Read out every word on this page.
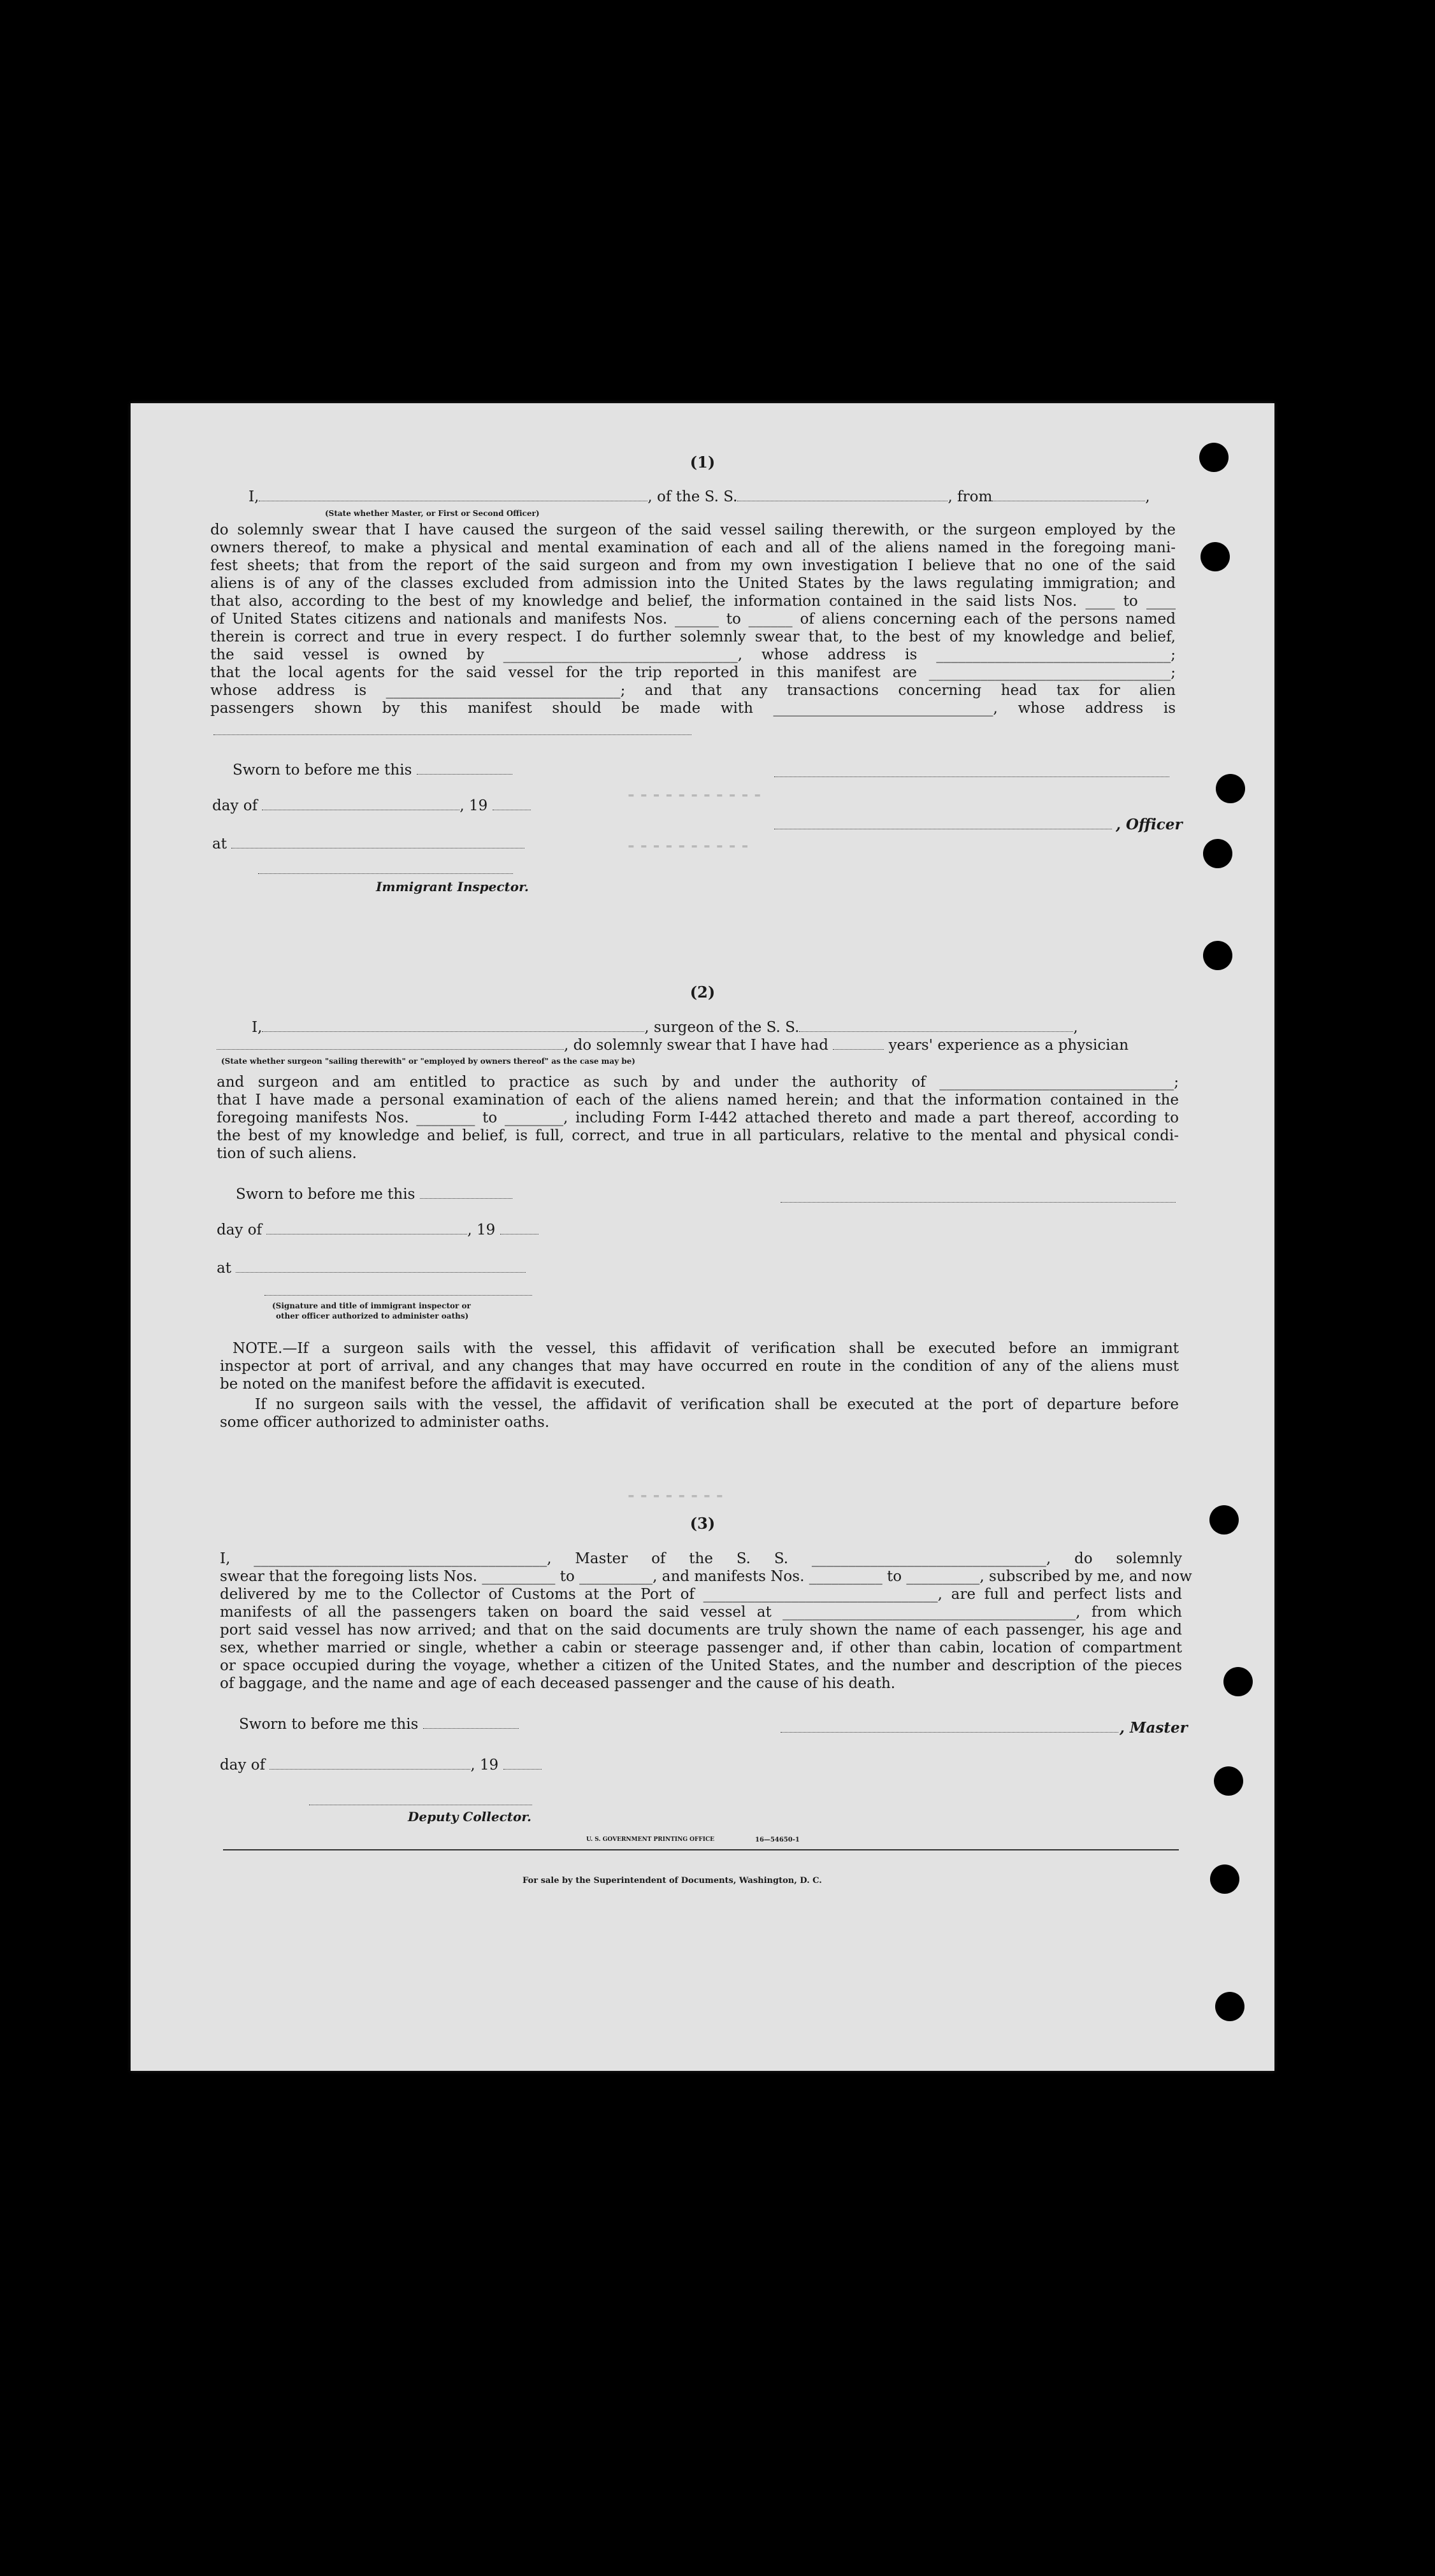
- - - - - - - - - - -
- - - - - - - - - -
- - - - - - - -
(1)
I,	, of the S. S.	, from	,
(State whether Master, or First or Second Officer)
do solemnly swear that I have caused the surgeon of the said vessel sailing therewith, or the surgeon employed by the
owners thereof, to make a physical and mental examination of each and all of the aliens named in the foregoing mani-
fest sheets; that from the report of the said surgeon and from my own investigation I believe that no one of the said
aliens is of any of the classes excluded from admission into the United States by the laws regulating immigration; and
that also, according to the best of my knowledge and belief, the information contained in the said lists Nos. ____ to ____
of United States citizens and nationals and manifests Nos. ______ to ______ of aliens concerning each of the persons named
therein is correct and true in every respect. I do further solemnly swear that, to the best of my knowledge and belief,
the said vessel is owned by ________________________________, whose address is ________________________________;
that the local agents for the said vessel for the trip reported in this manifest are _________________________________;
whose address is ________________________________; and that any transactions concerning head tax for alien
passengers shown by this manifest should be made with ______________________________, whose address is
Sworn to before me this
day of	, 19
, Officer
at
Immigrant Inspector.
(2)
I,	, surgeon of the S. S.	,
, do solemnly swear that I have had	years' experience as a physician
(State whether surgeon "sailing therewith" or "employed by owners thereof" as the case may be)
and surgeon and am entitled to practice as such by and under the authority of ________________________________;
that I have made a personal examination of each of the aliens named herein; and that the information contained in the
foregoing manifests Nos. ________ to ________, including Form I-442 attached thereto and made a part thereof, according to
the best of my knowledge and belief, is full, correct, and true in all particulars, relative to the mental and physical condi-
tion of such aliens.
Sworn to before me this
day of	, 19
at
(Signature and title of immigrant inspector or
other officer authorized to administer oaths)
NOTE.—If a surgeon sails with the vessel, this affidavit of verification shall be executed before an immigrant
inspector at port of arrival, and any changes that may have occurred en route in the condition of any of the aliens must
be noted on the manifest before the affidavit is executed.
If no surgeon sails with the vessel, the affidavit of verification shall be executed at the port of departure before
some officer authorized to administer oaths.
(3)
I, ________________________________________, Master of the S. S. ________________________________, do solemnly
swear that the foregoing lists Nos. __________ to __________, and manifests Nos. __________ to __________, subscribed by me, and now
delivered by me to the Collector of Customs at the Port of ________________________________, are full and perfect lists and
manifests of all the passengers taken on board the said vessel at ________________________________________, from which
port said vessel has now arrived; and that on the said documents are truly shown the name of each passenger, his age and
sex, whether married or single, whether a cabin or steerage passenger and, if other than cabin, location of compartment
or space occupied during the voyage, whether a citizen of the United States, and the number and description of the pieces
of baggage, and the name and age of each deceased passenger and the cause of his death.
Sworn to before me this	, Master
day of	, 19
Deputy Collector.
U. S. GOVERNMENT PRINTING OFFICE	16—54650-1
For sale by the Superintendent of Documents, Washington, D. C.
